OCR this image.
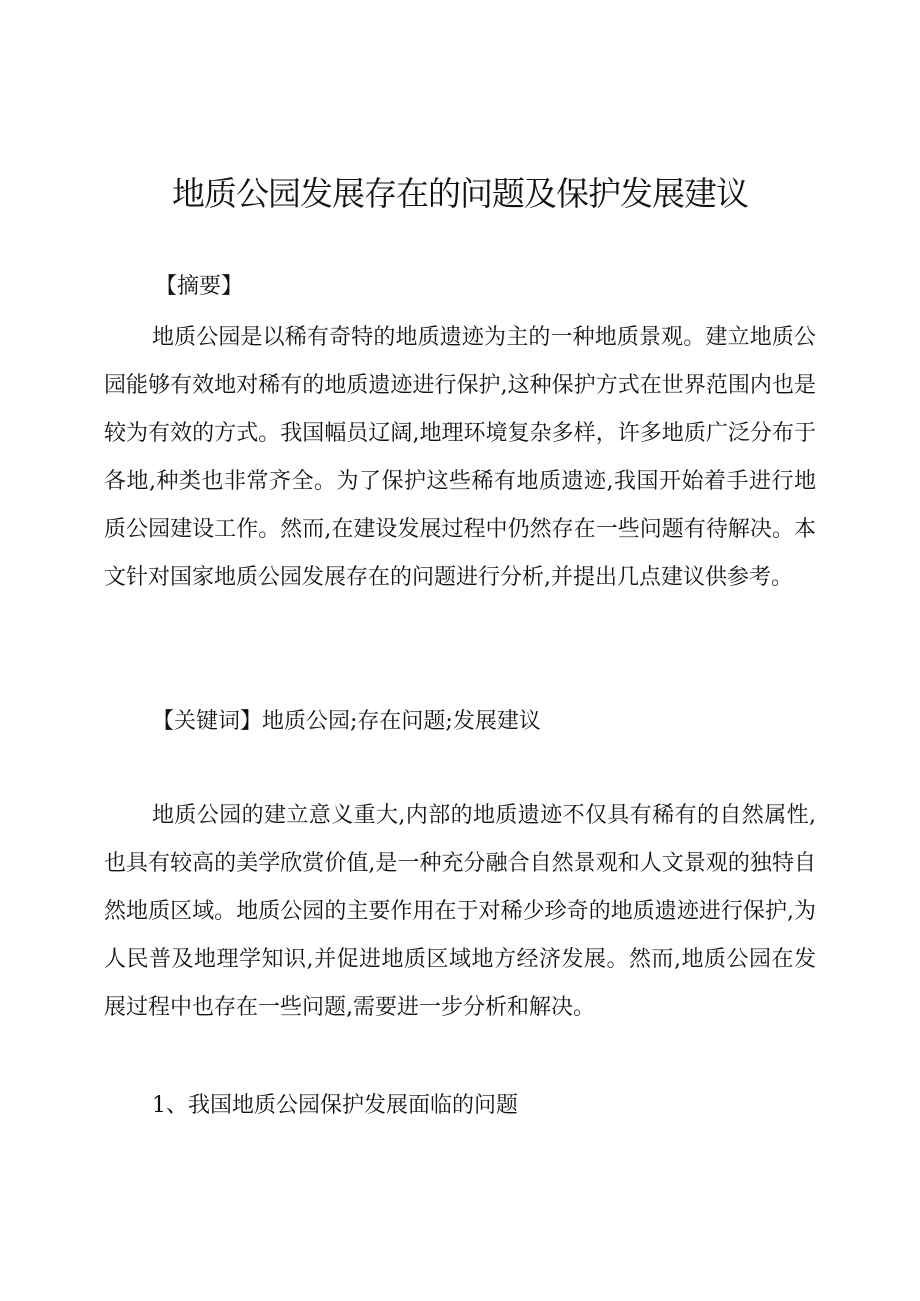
地质公园发展存在的问题及保护发展建议

【摘要】

地质公园是以稀有奇特的地质遗迹为主的一种地质景观。建立地质公园能够有效地对稀有的地质遗迹进行保护,这种保护方式在世界范围内也是较为有效的方式。我国幅员辽阔,地理环境复杂多样，许多地质广泛分布于各地,种类也非常齐全。为了保护这些稀有地质遗迹,我国开始着手进行地质公园建设工作。然而,在建设发展过程中仍然存在一些问题有待解决。本文针对国家地质公园发展存在的问题进行分析,并提出几点建议供参考。

【关键词】地质公园;存在问题;发展建议

地质公园的建立意义重大,内部的地质遗迹不仅具有稀有的自然属性,也具有较高的美学欣赏价值,是一种充分融合自然景观和人文景观的独特自然地质区域。地质公园的主要作用在于对稀少珍奇的地质遗迹进行保护,为人民普及地理学知识,并促进地质区域地方经济发展。然而,地质公园在发展过程中也存在一些问题,需要进一步分析和解决。

1、我国地质公园保护发展面临的问题
